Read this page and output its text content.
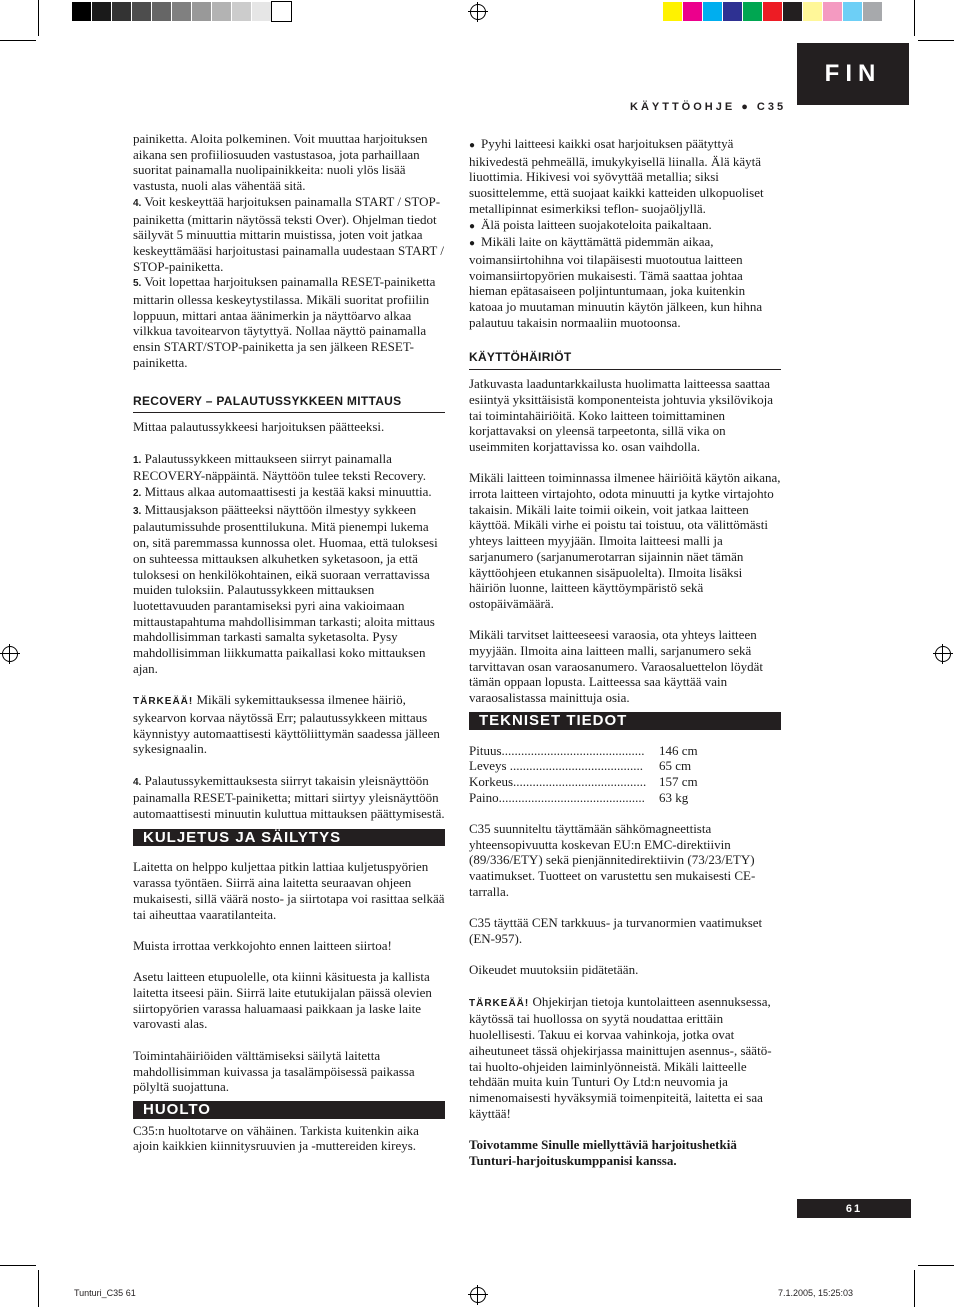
FIN
KÄYTTÖOHJE ● C35

painiketta. Aloita polkeminen. Voit muuttaa harjoituksen aikana sen profiiliosuuden vastustasoa, jota parhaillaan suoritat painamalla nuolipainikkeita: nuoli ylös lisää vastusta, nuoli alas vähentää sitä.

4. Voit keskeyttää harjoituksen painamalla START / STOP-painiketta (mittarin näytössä teksti Over). Ohjelman tiedot säilyvät 5 minuuttia mittarin muistissa, joten voit jatkaa keskeyttämääsi harjoitustasi painamalla uudestaan START / STOP-painiketta.

5. Voit lopettaa harjoituksen painamalla RESET-painiketta mittarin ollessa keskeytystilassa. Mikäli suoritat profiilin loppuun, mittari antaa äänimerkin ja näyttöarvo alkaa vilkkua tavoitearvon täytyttyä. Nollaa näyttö painamalla ensin START/STOP-painiketta ja sen jälkeen RESET-painiketta.

RECOVERY – PALAUTUSSYKKEEN MITTAUS

Mittaa palautussykkeesi harjoituksen päätteeksi.

1. Palautussykkeen mittaukseen siirryt painamalla RECOVERY-näppäintä. Näyttöön tulee teksti Recovery.

2. Mittaus alkaa automaattisesti ja kestää kaksi minuuttia.

3. Mittausjakson päätteeksi näyttöön ilmestyy sykkeen palautumissuhde prosenttilukuna. Mitä pienempi lukema on, sitä paremmassa kunnossa olet. Huomaa, että tuloksesi on suhteessa mittauksen alkuhetken syketasoon, ja että tuloksesi on henkilökohtainen, eikä suoraan verrattavissa muiden tuloksiin. Palautussykkeen mittauksen luotettavuuden parantamiseksi pyri aina vakioimaan mittaustapahtuma mahdollisimman tarkasti; aloita mittaus mahdollisimman tarkasti samalta syketasolta. Pysy mahdollisimman liikkumatta paikallasi koko mittauksen ajan.

TÄRKEÄÄ! Mikäli sykemittauksessa ilmenee häiriö, sykearvon korvaa näytössä Err; palautussykkeen mittaus käynnistyy automaattisesti käyttöliittymän saadessa jälleen sykesignaalin.

4. Palautussykemittauksesta siirryt takaisin yleisnäyttöön painamalla RESET-painiketta; mittari siirtyy yleisnäyttöön automaattisesti minuutin kuluttua mittauksen päättymisestä.

KULJETUS JA SÄILYTYS

Laitetta on helppo kuljettaa pitkin lattiaa kuljetuspyörien varassa työntäen. Siirrä aina laitetta seuraavan ohjeen mukaisesti, sillä väärä nosto- ja siirtotapa voi rasittaa selkää tai aiheuttaa vaaratilanteita.

Muista irrottaa verkkojohto ennen laitteen siirtoa!

Asetu laitteen etupuolelle, ota kiinni käsituesta ja kallista laitetta itseesi päin. Siirrä laite etutukijalan päissä olevien siirtopyörien varassa haluamaasi paikkaan ja laske laite varovasti alas.

Toimintahäiriöiden välttämiseksi säilytä laitetta mahdollisimman kuivassa ja tasalämpöisessä paikassa pölyltä suojattuna.

HUOLTO

C35:n huoltotarve on vähäinen. Tarkista kuitenkin aika ajoin kaikkien kiinnitysruuvien ja -muttereiden kireys.

● Pyyhi laitteesi kaikki osat harjoituksen päätyttyä hikivedestä pehmeällä, imukykyisellä liinalla. Älä käytä liuottimia. Hikivesi voi syövyttää metallia; siksi suosittelemme, että suojaat kaikki katteiden ulkopuoliset metallipinnat esimerkiksi teflon- suojaöljyllä.

● Älä poista laitteen suojakoteloita paikaltaan.

● Mikäli laite on käyttämättä pidemmän aikaa, voimansiirtohihna voi tilapäisesti muotoutua laitteen voimansiirtopyörien mukaisesti. Tämä saattaa johtaa hieman epätasaiseen poljintuntumaan, joka kuitenkin katoaa jo muutaman minuutin käytön jälkeen, kun hihna palautuu takaisin normaaliin muotoonsa.

KÄYTTÖHÄIRIÖT

Jatkuvasta laaduntarkkailusta huolimatta laitteessa saattaa esiintyä yksittäisistä komponenteista johtuvia yksilövikoja tai toimintahäiriöitä. Koko laitteen toimittaminen korjattavaksi on yleensä tarpeetonta, sillä vika on useimmiten korjattavissa ko. osan vaihdolla.

Mikäli laitteen toiminnassa ilmenee häiriöitä käytön aikana, irrota laitteen virtajohto, odota minuutti ja kytke virtajohto takaisin. Mikäli laite toimii oikein, voit jatkaa laitteen käyttöä. Mikäli virhe ei poistu tai toistuu, ota välittömästi yhteys laitteen myyjään. Ilmoita laitteesi malli ja sarjanumero (sarjanumerotarran sijainnin näet tämän käyttöohjeen etukannen sisäpuolelta). Ilmoita lisäksi häiriön luonne, laitteen käyttöympäristö sekä ostopäivämäärä.

Mikäli tarvitset laitteeseesi varaosia, ota yhteys laitteen myyjään. Ilmoita aina laitteen malli, sarjanumero sekä tarvittavan osan varaosanumero. Varaosaluettelon löydät tämän oppaan lopusta. Laitteessa saa käyttää vain varaosalistassa mainittuja osia.

TEKNISET TIEDOT
Pituus............................................	146 cm
Leveys .........................................	65 cm
Korkeus......................................... 157 cm
Paino.............................................	63 kg

C35 suunniteltu täyttämään sähkömagneettista yhteensopivuutta koskevan EU:n EMC-direktiivin (89/336/ETY) sekä pienjännitedirektiivin (73/23/ETY) vaatimukset. Tuotteet on varustettu sen mukaisesti CE-tarralla.

C35 täyttää CEN tarkkuus- ja turvanormien vaatimukset (EN-957).

Oikeudet muutoksiin pidätetään.

TÄRKEÄÄ! Ohjekirjan tietoja kuntolaitteen asennuksessa, käytössä tai huollossa on syytä noudattaa erittäin huolellisesti. Takuu ei korvaa vahinkoja, jotka ovat aiheutuneet tässä ohjekirjassa mainittujen asennus-, säätö- tai huolto-ohjeiden laiminlyönneistä. Mikäli laitteelle tehdään muita kuin Tunturi Oy Ltd:n neuvomia ja nimenomaisesti hyväksymiä toimenpiteitä, laitetta ei saa käyttää!

Toivotamme Sinulle miellyttäviä harjoitushetkiä Tunturi-harjoituskumppanisi kanssa.

61
Tunturi_C35 61	7.1.2005, 15:25:03
